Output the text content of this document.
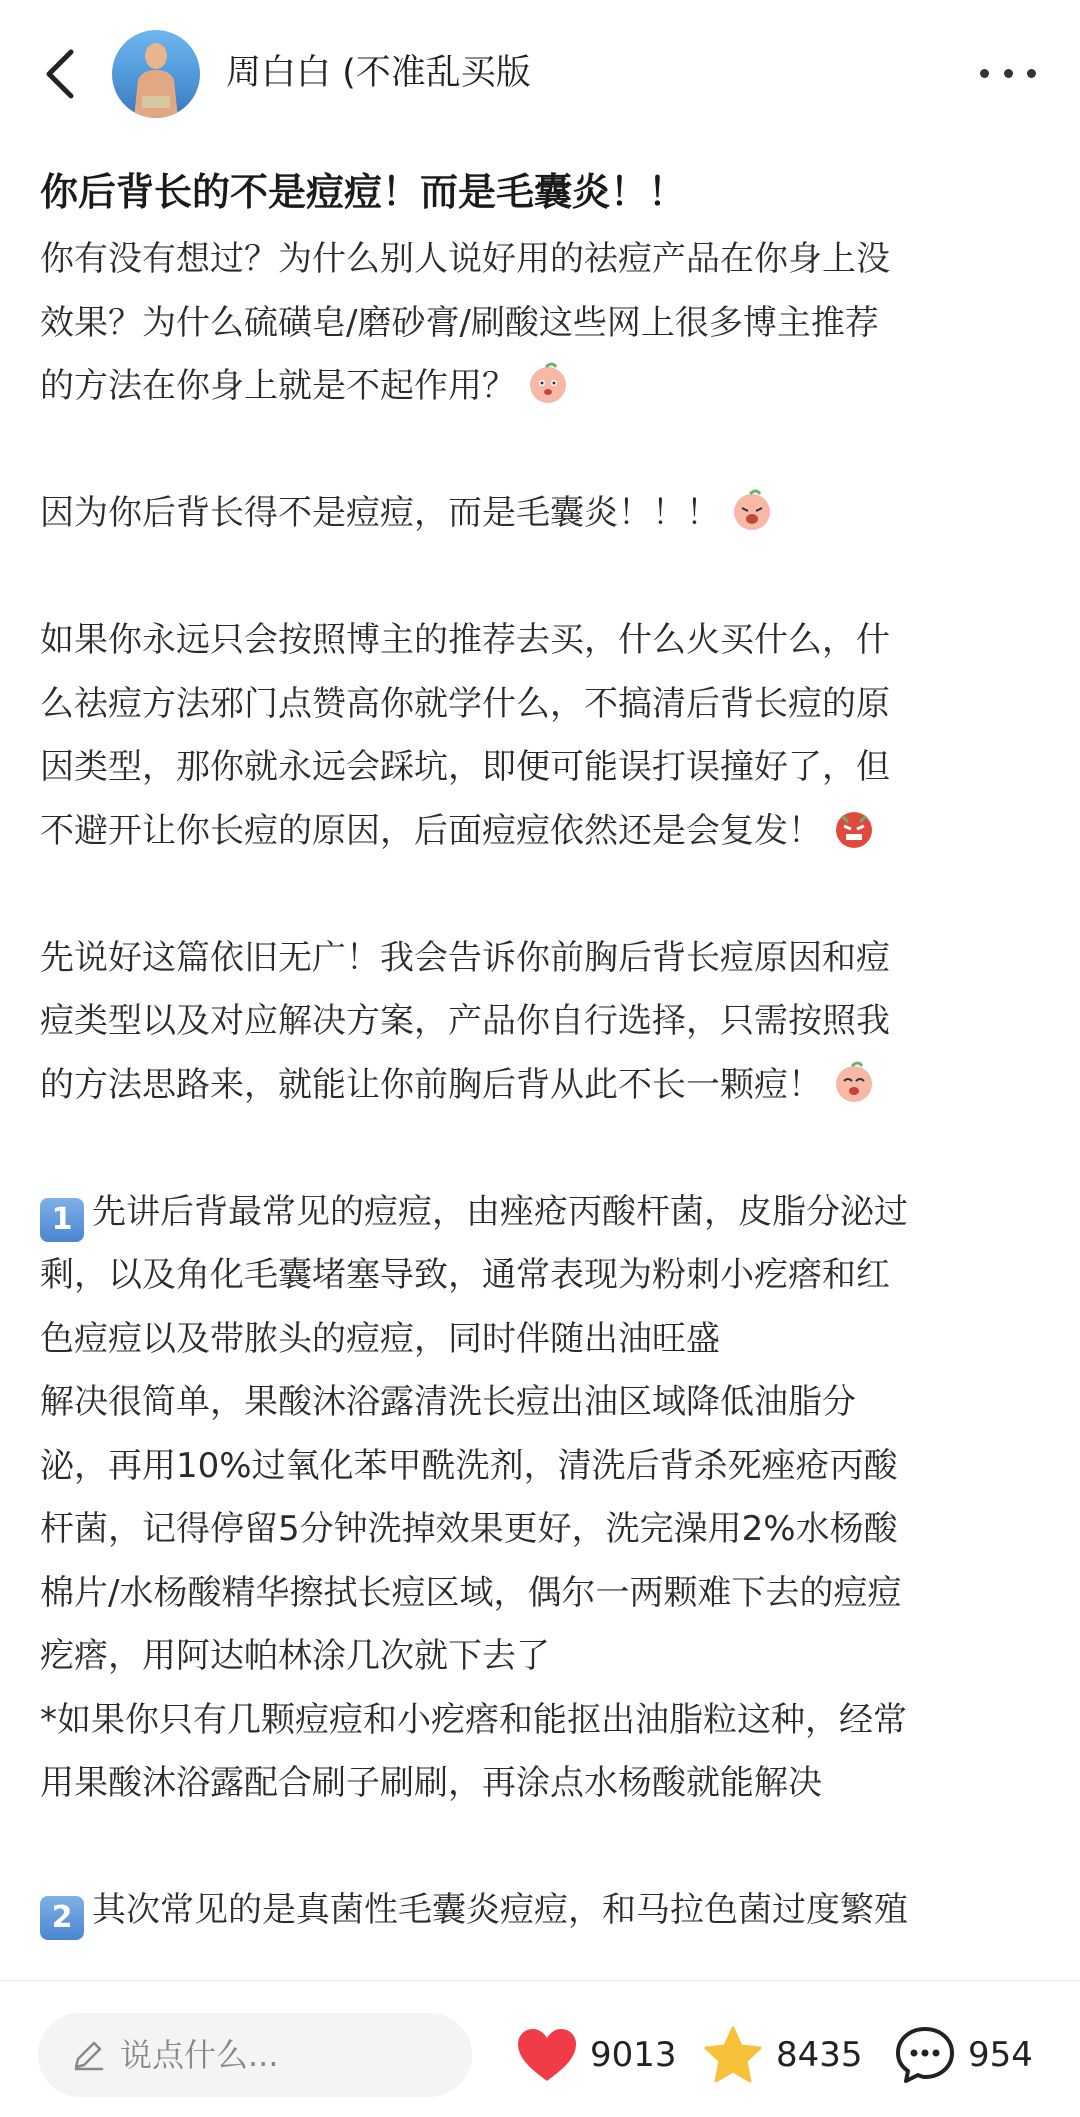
周白白 (不准乱买版
你后背长的不是痘痘！而是毛囊炎！！

你有没有想过？为什么别人说好用的祛痘产品在你身上没

效果？为什么硫磺皂/磨砂膏/刷酸这些网上很多博主推荐

的方法在你身上就是不起作用？

因为你后背长得不是痘痘，而是毛囊炎！！！

如果你永远只会按照博主的推荐去买，什么火买什么，什

么祛痘方法邪门点赞高你就学什么，不搞清后背长痘的原

因类型，那你就永远会踩坑，即便可能误打误撞好了，但

不避开让你长痘的原因，后面痘痘依然还是会复发！

先说好这篇依旧无广！我会告诉你前胸后背长痘原因和痘

痘类型以及对应解决方案，产品你自行选择，只需按照我

的方法思路来，就能让你前胸后背从此不长一颗痘！

1 先讲后背最常见的痘痘，由痤疮丙酸杆菌，皮脂分泌过

剩，以及角化毛囊堵塞导致，通常表现为粉刺小疙瘩和红

色痘痘以及带脓头的痘痘，同时伴随出油旺盛

解决很简单，果酸沐浴露清洗长痘出油区域降低油脂分

泌，再用10%过氧化苯甲酰洗剂，清洗后背杀死痤疮丙酸

杆菌，记得停留5分钟洗掉效果更好，洗完澡用2%水杨酸

棉片/水杨酸精华擦拭长痘区域，偶尔一两颗难下去的痘痘

疙瘩，用阿达帕林涂几次就下去了

*如果你只有几颗痘痘和小疙瘩和能抠出油脂粒这种，经常

用果酸沐浴露配合刷子刷刷，再涂点水杨酸就能解决

2 其次常见的是真菌性毛囊炎痘痘，和马拉色菌过度繁殖

说点什么...	9013	8435	954
